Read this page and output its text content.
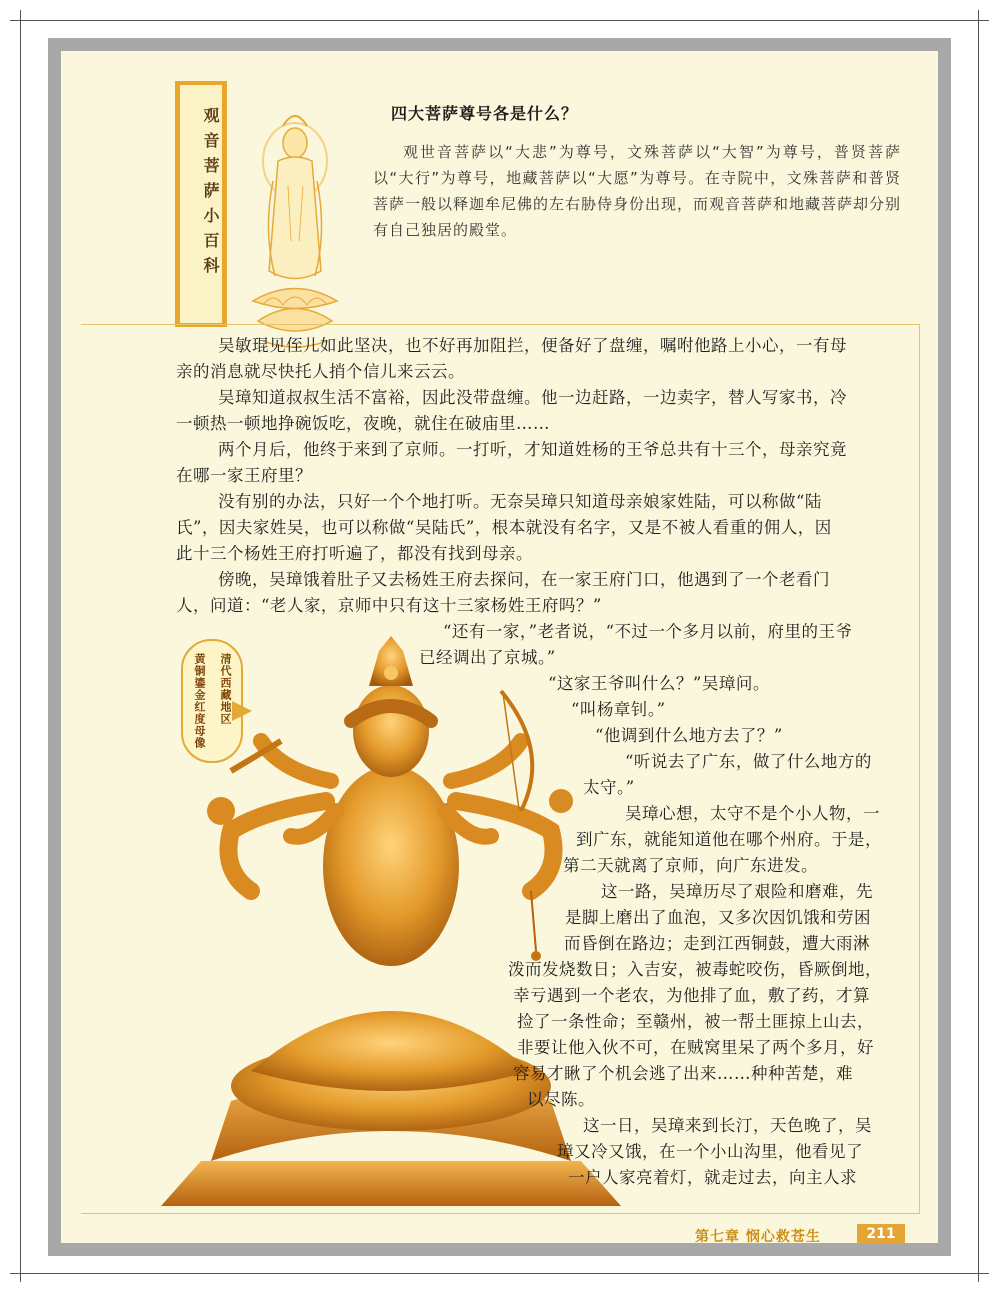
观音菩萨小百科	四大菩萨尊号各是什么？

观世音菩萨以“大悲”为尊号，文殊菩萨以“大智”为尊号，普贤菩萨以“大行”为尊号，地藏菩萨以“大愿”为尊号。在寺院中，文殊菩萨和普贤菩萨一般以释迦牟尼佛的左右胁侍身份出现，而观音菩萨和地藏菩萨却分别有自己独居的殿堂。

清代西藏地区

黄铜鎏金红度母像

吴敏琨见侄儿如此坚决，也不好再加阻拦，便备好了盘缠，嘱咐他路上小心，一有母

亲的消息就尽快托人捎个信儿来云云。

吴璋知道叔叔生活不富裕，因此没带盘缠。他一边赶路，一边卖字，替人写家书，冷

一顿热一顿地挣碗饭吃，夜晚，就住在破庙里……

两个月后，他终于来到了京师。一打听，才知道姓杨的王爷总共有十三个，母亲究竟

在哪一家王府里？

没有别的办法，只好一个个地打听。无奈吴璋只知道母亲娘家姓陆，可以称做“陆

氏”，因夫家姓吴，也可以称做“吴陆氏”，根本就没有名字，又是不被人看重的佣人，因

此十三个杨姓王府打听遍了，都没有找到母亲。

傍晚，吴璋饿着肚子又去杨姓王府去探问，在一家王府门口，他遇到了一个老看门

人，问道：“老人家，京师中只有这十三家杨姓王府吗？”

“还有一家，”老者说，“不过一个多月以前，府里的王爷

已经调出了京城。”

“这家王爷叫什么？”吴璋问。

“叫杨章钊。”

“他调到什么地方去了？”

“听说去了广东，做了什么地方的

太守。”

吴璋心想，太守不是个小人物，一

到广东，就能知道他在哪个州府。于是，

第二天就离了京师，向广东进发。

这一路，吴璋历尽了艰险和磨难，先

是脚上磨出了血泡，又多次因饥饿和劳困

而昏倒在路边；走到江西铜鼓，遭大雨淋

泼而发烧数日；入吉安，被毒蛇咬伤，昏厥倒地，

幸亏遇到一个老农，为他排了血，敷了药，才算

捡了一条性命；至赣州，被一帮土匪掠上山去，

非要让他入伙不可，在贼窝里呆了两个多月，好

容易才瞅了个机会逃了出来……种种苦楚，难

以尽陈。

这一日，吴璋来到长汀，天色晚了，吴

璋又冷又饿，在一个小山沟里，他看见了

一户人家亮着灯，就走过去，向主人求

第七章 悯心救苍生	211
